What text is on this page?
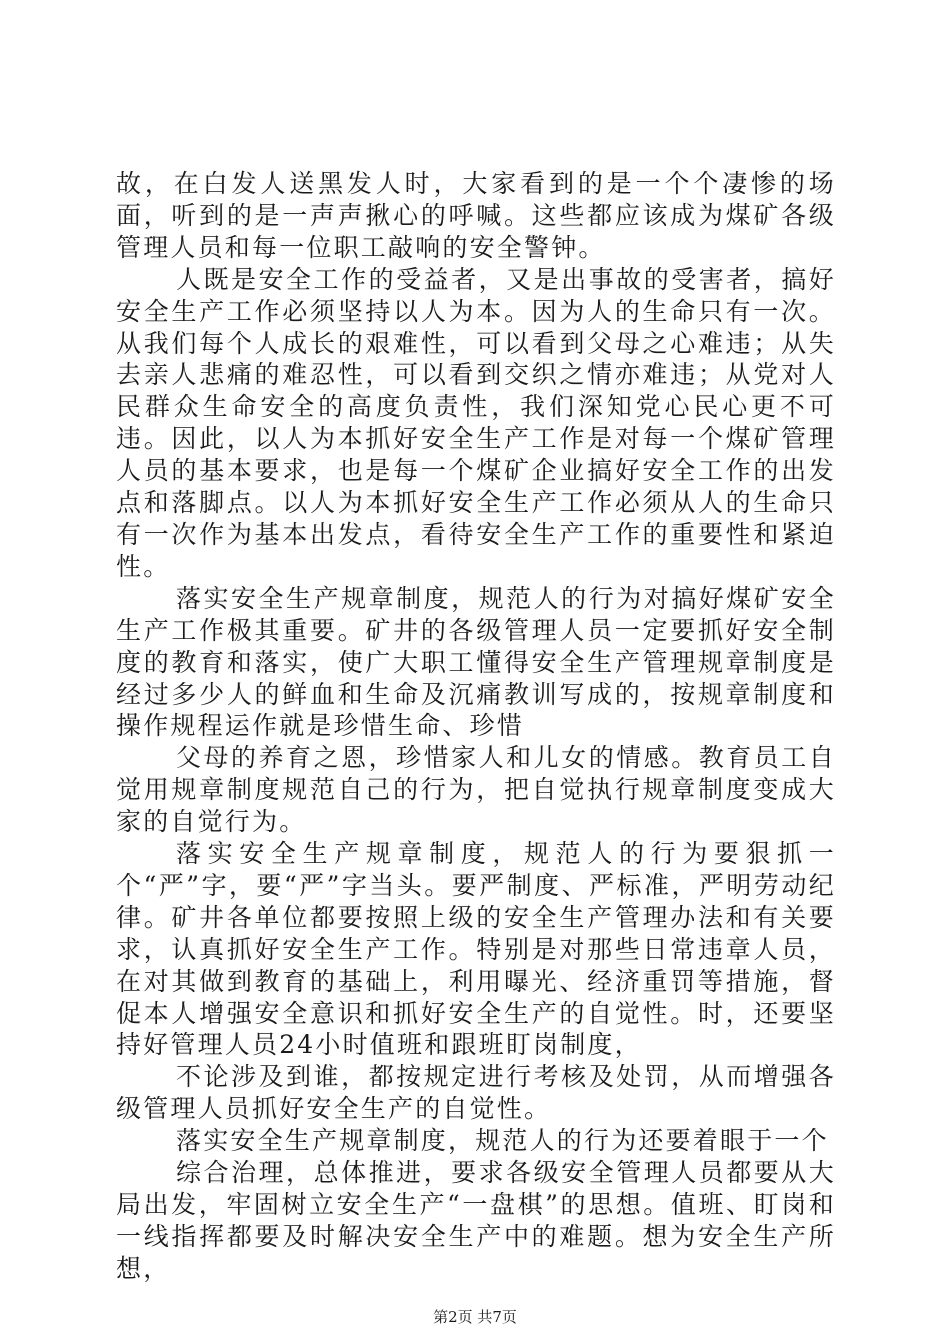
故，在白发人送黑发人时，大家看到的是一个个凄惨的场面，听到的是一声声揪心的呼喊。这些都应该成为煤矿各级管理人员和每一位职工敲响的安全警钟。

人既是安全工作的受益者，又是出事故的受害者，搞好安全生产工作必须坚持以人为本。因为人的生命只有一次。从我们每个人成长的艰难性，可以看到父母之心难违；从失去亲人悲痛的难忍性，可以看到交织之情亦难违；从党对人民群众生命安全的高度负责性，我们深知党心民心更不可违。因此，以人为本抓好安全生产工作是对每一个煤矿管理人员的基本要求，也是每一个煤矿企业搞好安全工作的出发点和落脚点。以人为本抓好安全生产工作必须从人的生命只有一次作为基本出发点，看待安全生产工作的重要性和紧迫性。

落实安全生产规章制度，规范人的行为对搞好煤矿安全生产工作极其重要。矿井的各级管理人员一定要抓好安全制度的教育和落实，使广大职工懂得安全生产管理规章制度是经过多少人的鲜血和生命及沉痛教训写成的，按规章制度和操作规程运作就是珍惜生命、珍惜

父母的养育之恩，珍惜家人和儿女的情感。教育员工自觉用规章制度规范自己的行为，把自觉执行规章制度变成大家的自觉行为。

落实安全生产规章制度，规范人的行为要狠抓一个“严”字，要“严”字当头。要严制度、严标准，严明劳动纪律。矿井各单位都要按照上级的安全生产管理办法和有关要求，认真抓好安全生产工作。特别是对那些日常违章人员，在对其做到教育的基础上，利用曝光、经济重罚等措施，督促本人增强安全意识和抓好安全生产的自觉性。时，还要坚持好管理人员24小时值班和跟班盯岗制度，

不论涉及到谁，都按规定进行考核及处罚，从而增强各级管理人员抓好安全生产的自觉性。

落实安全生产规章制度，规范人的行为还要着眼于一个

综合治理，总体推进，要求各级安全管理人员都要从大局出发，牢固树立安全生产“一盘棋”的思想。值班、盯岗和一线指挥都要及时解决安全生产中的难题。想为安全生产所想，

第2页 共7页
